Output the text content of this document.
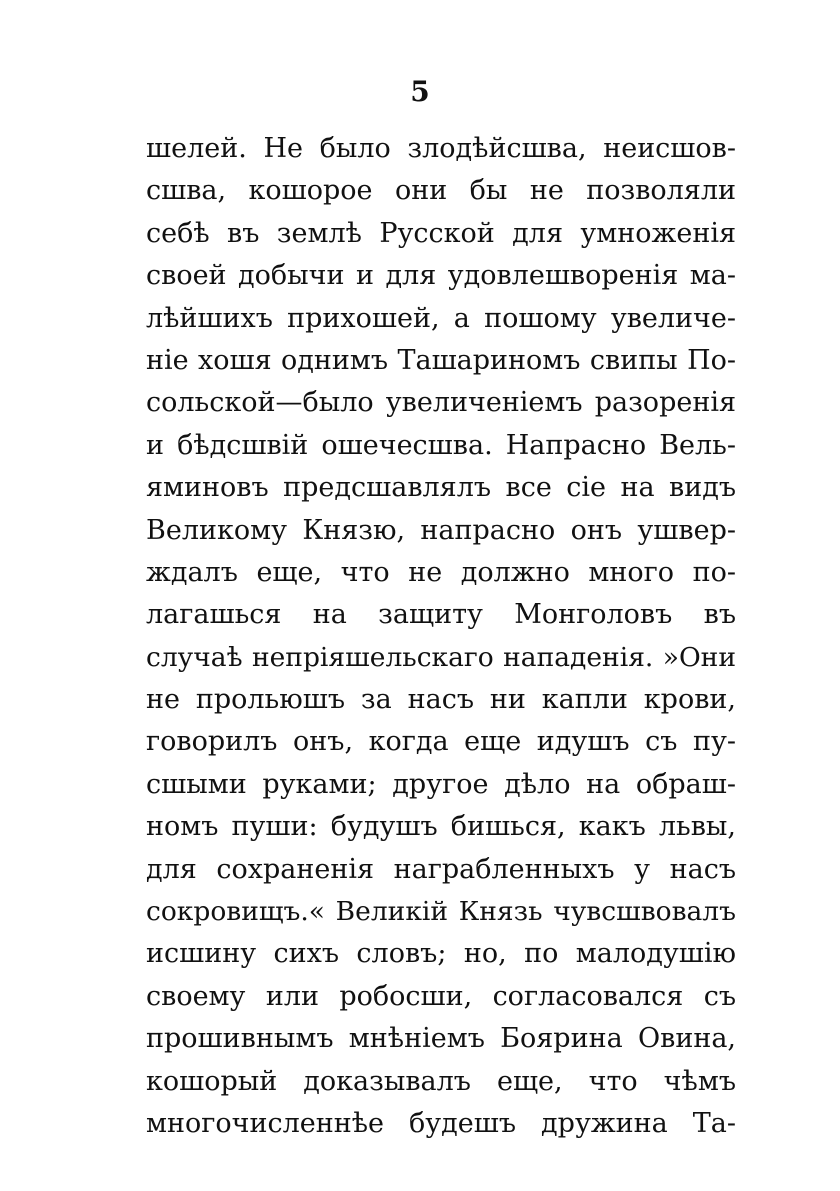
5
шелей. Не было злодѣйсшва, неисшов-
сшва, кошорое они бы не позволяли
себѣ въ землѣ Русской для умноженія
своей добычи и для удовлешворенія ма-
лѣйшихъ прихошей, а пошому увеличе-
ніе хошя однимъ Ташариномъ свипы По-
сольской—было увеличеніемъ разоренія
и бѣдсшвій ошечесшва. Напрасно Вель-
яминовъ предсшавлялъ все сіе на видъ
Великому Князю, напрасно онъ ушвер-
ждалъ еще, что не должно много по-
лагашься на защиту Монголовъ въ
случаѣ непріяшельскаго нападенія. »Они
не прольюшъ за насъ ни капли крови,
говорилъ онъ, когда еще идушъ съ пу-
сшыми руками; другое дѣло на обраш-
номъ пуши: будушъ бишься, какъ львы,
для сохраненія награбленныхъ у насъ
сокровищъ.« Великій Князь чувсшвовалъ
исшину сихъ словъ; но, по малодушію
своему или робосши, согласовался съ
прошивнымъ мнѣніемъ Боярина Овина,
кошорый доказывалъ еще, что чѣмъ
многочисленнѣе будешъ дружина Та-
